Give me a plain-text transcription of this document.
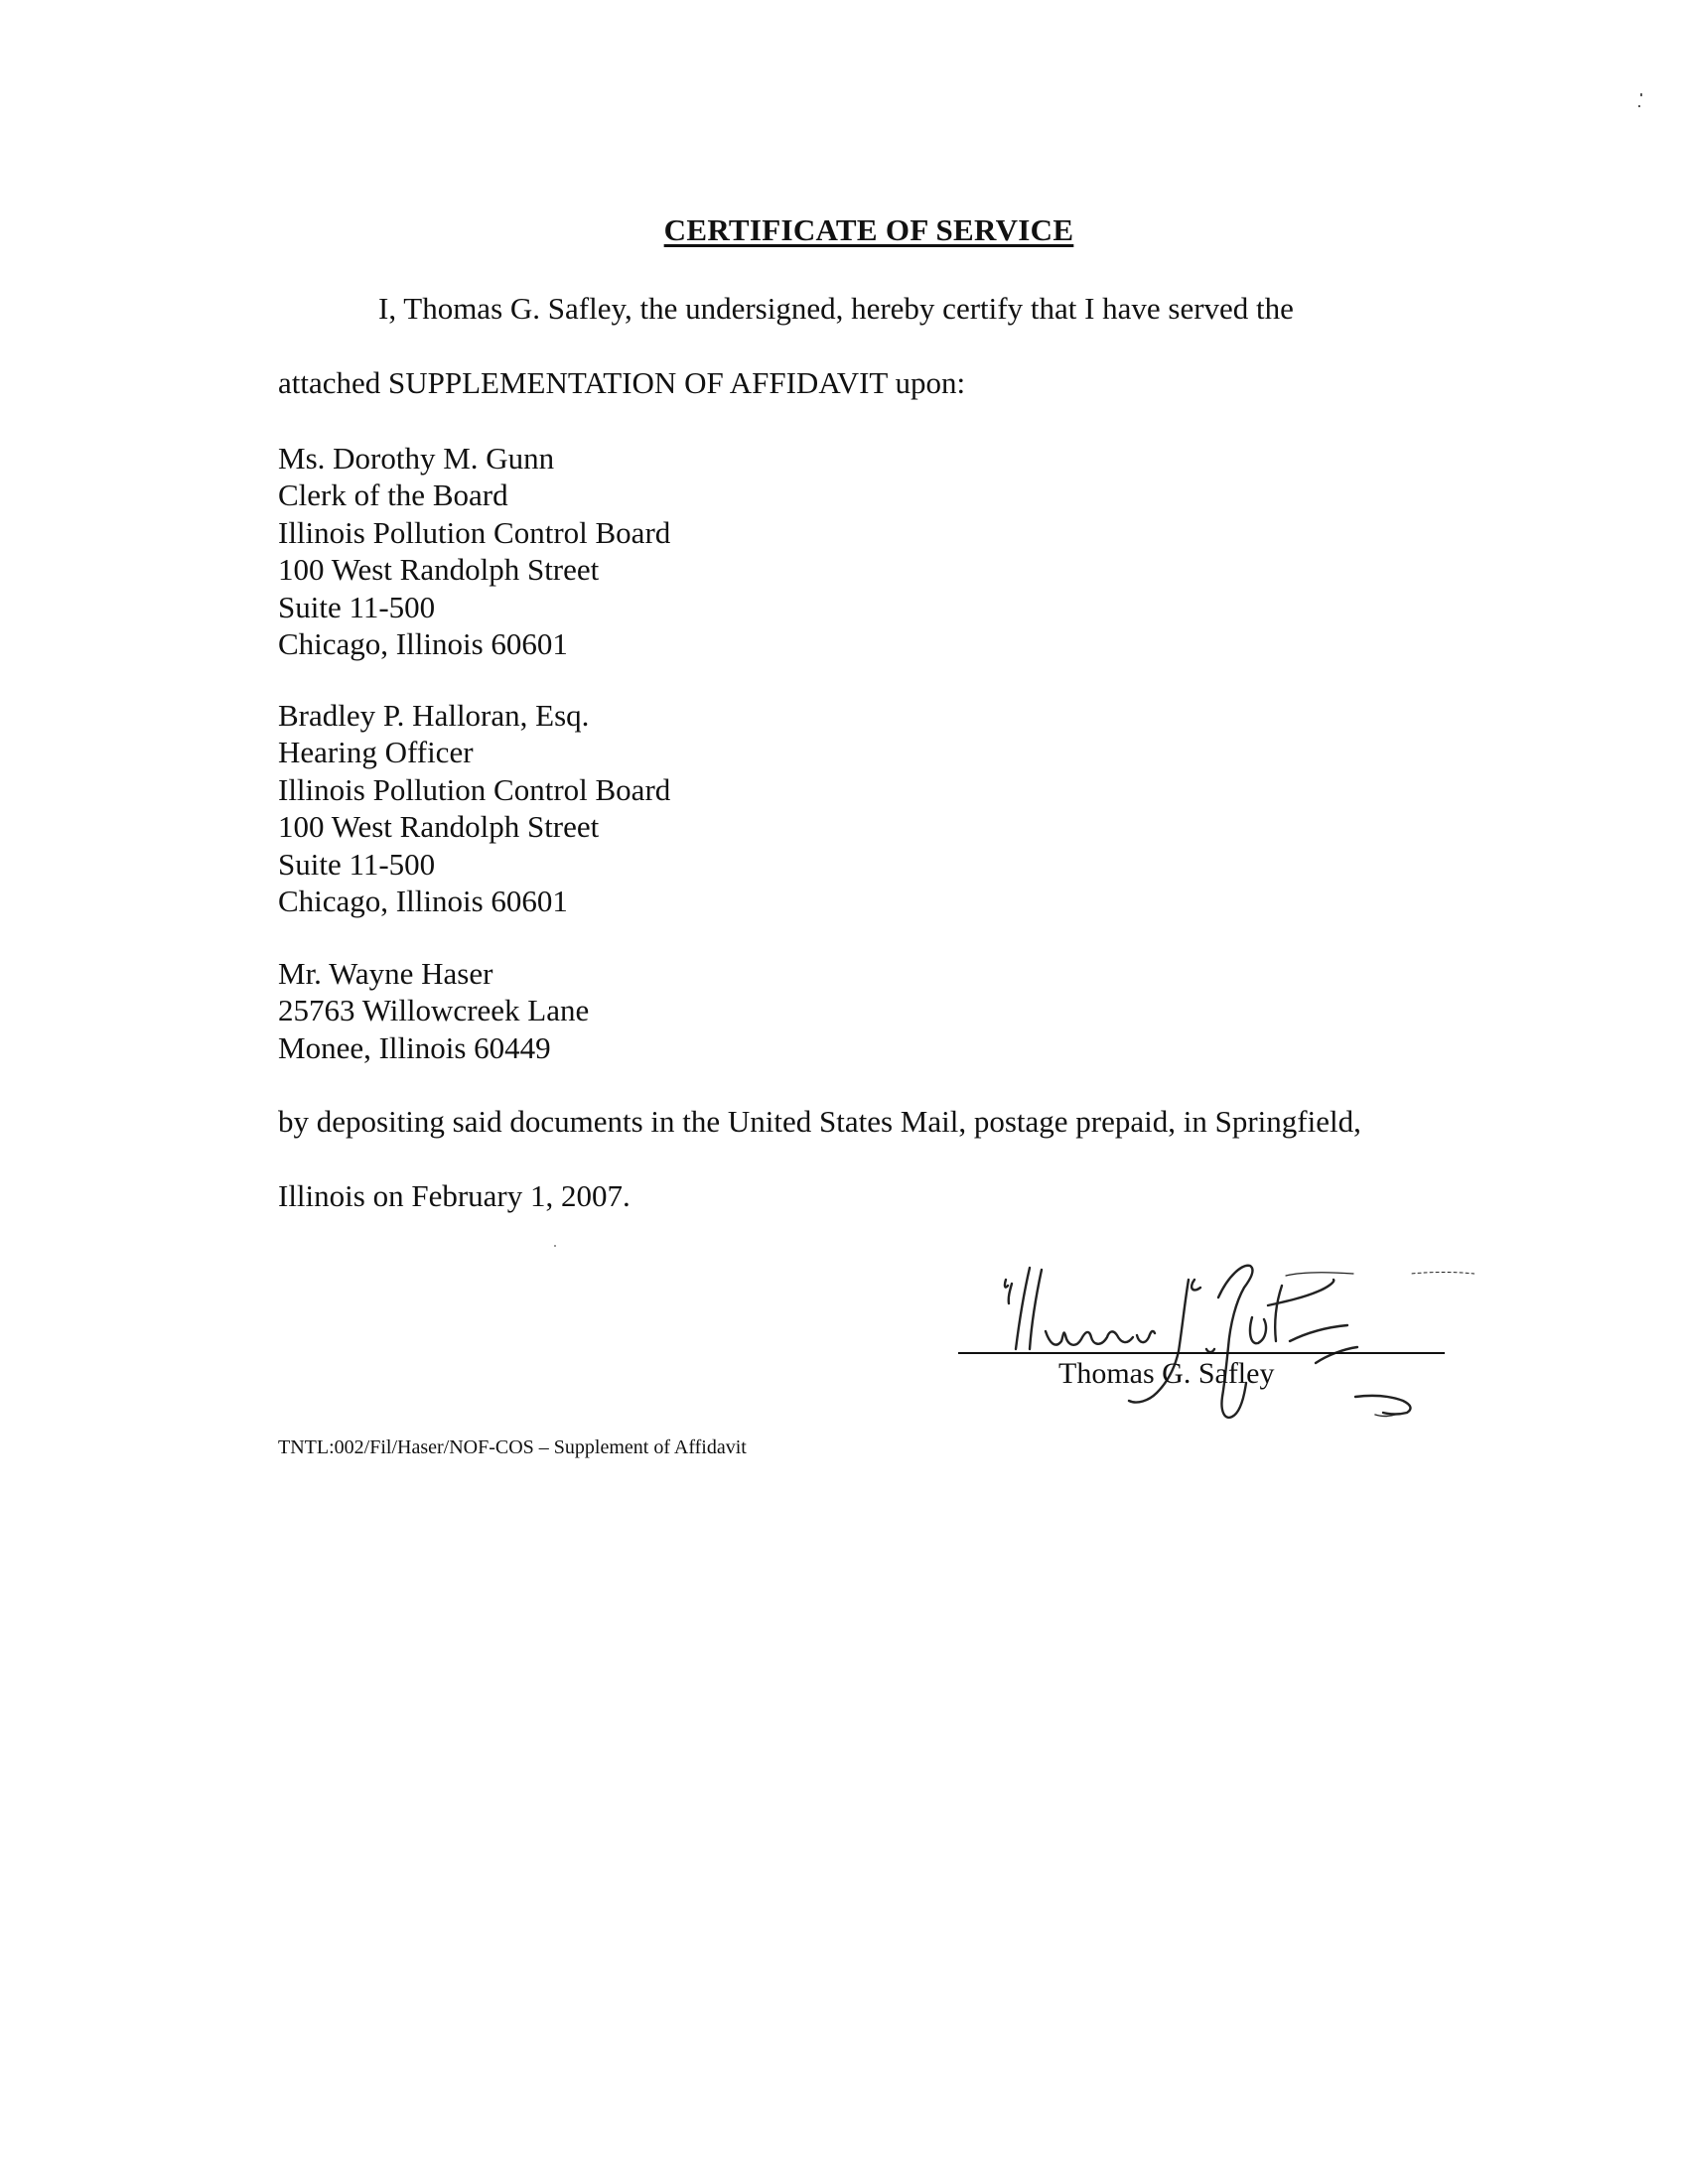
CERTIFICATE OF SERVICE
I, Thomas G. Safley, the undersigned, hereby certify that I have served the
attached SUPPLEMENTATION OF AFFIDAVIT upon:
Ms. Dorothy M. Gunn
Clerk of the Board
Illinois Pollution Control Board
100 West Randolph Street
Suite 11-500
Chicago, Illinois 60601
Bradley P. Halloran, Esq.
Hearing Officer
Illinois Pollution Control Board
100 West Randolph Street
Suite 11-500
Chicago, Illinois 60601
Mr. Wayne Haser
25763 Willowcreek Lane
Monee, Illinois 60449
by depositing said documents in the United States Mail, postage prepaid, in Springfield,
Illinois on February 1, 2007.
Thomas G. Safley
TNTL:002/Fil/Haser/NOF-COS – Supplement of Affidavit
